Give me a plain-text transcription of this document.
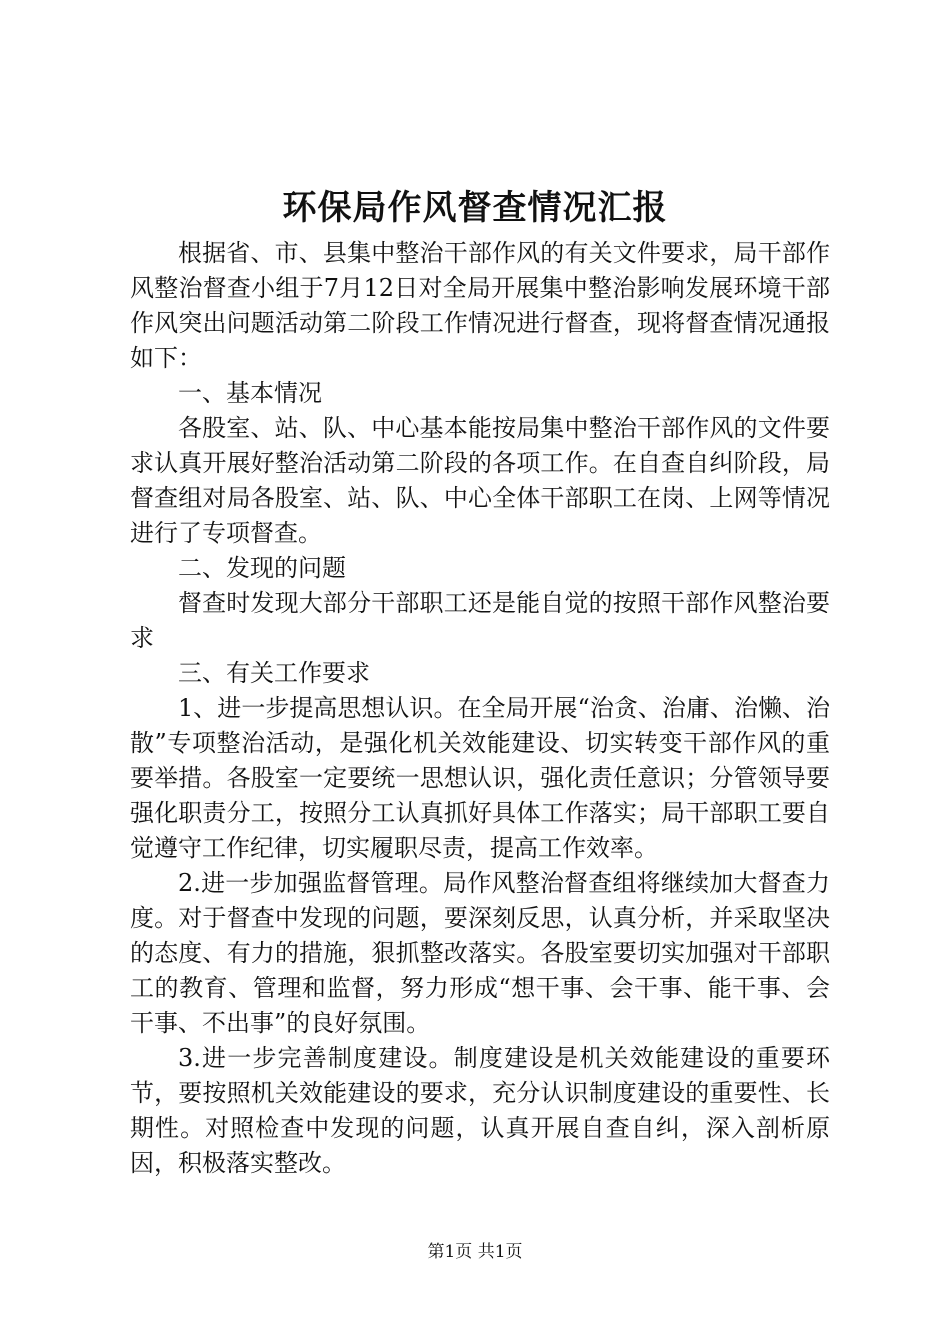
环保局作风督查情况汇报

根据省、市、县集中整治干部作风的有关文件要求，局干部作风整治督查小组于7月12日对全局开展集中整治影响发展环境干部作风突出问题活动第二阶段工作情况进行督查，现将督查情况通报如下：

一、基本情况

各股室、站、队、中心基本能按局集中整治干部作风的文件要求认真开展好整治活动第二阶段的各项工作。在自查自纠阶段，局督查组对局各股室、站、队、中心全体干部职工在岗、上网等情况进行了专项督查。

二、发现的问题

督查时发现大部分干部职工还是能自觉的按照干部作风整治要求

三、有关工作要求

1、进一步提高思想认识。在全局开展“治贪、治庸、治懒、治散”专项整治活动，是强化机关效能建设、切实转变干部作风的重要举措。各股室一定要统一思想认识，强化责任意识；分管领导要强化职责分工，按照分工认真抓好具体工作落实；局干部职工要自觉遵守工作纪律，切实履职尽责，提高工作效率。

2.进一步加强监督管理。局作风整治督查组将继续加大督查力度。对于督查中发现的问题，要深刻反思，认真分析，并采取坚决的态度、有力的措施，狠抓整改落实。各股室要切实加强对干部职工的教育、管理和监督，努力形成“想干事、会干事、能干事、会干事、不出事”的良好氛围。

3.进一步完善制度建设。制度建设是机关效能建设的重要环节，要按照机关效能建设的要求，充分认识制度建设的重要性、长期性。对照检查中发现的问题，认真开展自查自纠，深入剖析原因，积极落实整改。

第1页 共1页
